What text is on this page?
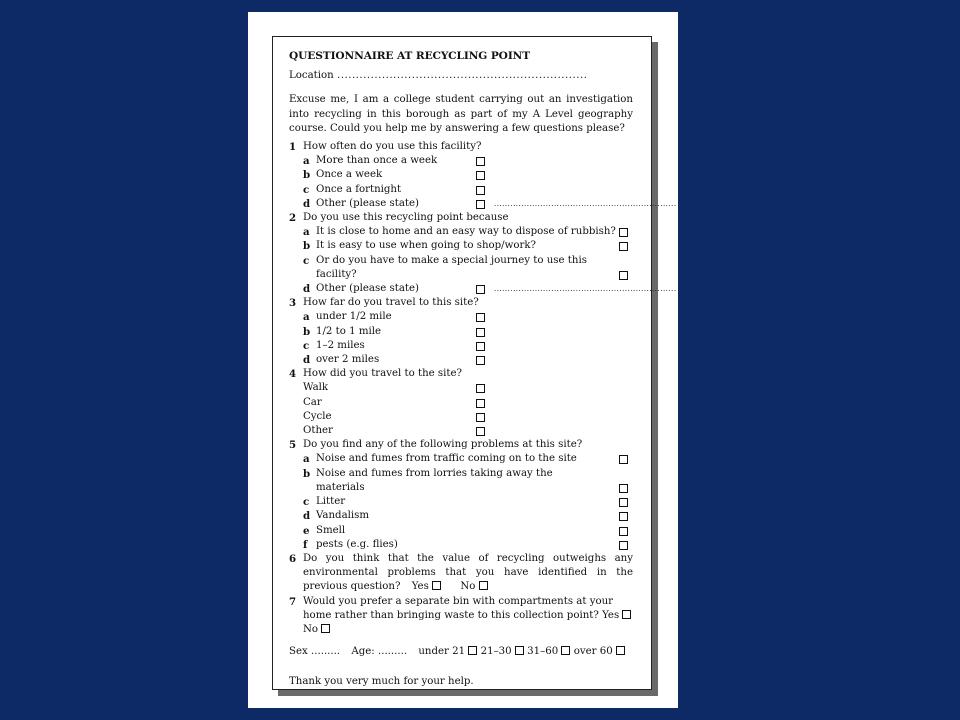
QUESTIONNAIRE AT RECYCLING POINT
Location ...................................................................
Excuse me, I am a college student carrying out an investigation into recycling in this borough as part of my A Level geography course. Could you help me by answering a few questions please?
1 How often do you use this facility?
a More than once a week
b Once a week
c Once a fortnight
d Other (please state)	...................................................................
2 Do you use this recycling point because
a It is close to home and an easy way to dispose of rubbish?
b It is easy to use when going to shop/work?
c Or do you have to make a special journey to use this facility?
d Other (please state)	...................................................................
3 How far do you travel to this site?
a under 1/2 mile
b 1/2 to 1 mile
c 1–2 miles
d over 2 miles
4 How did you travel to the site?
Walk
Car
Cycle
Other
5 Do you find any of the following problems at this site?
a Noise and fumes from traffic coming on to the site
b Noise and fumes from lorries taking away the materials
c Litter
d Vandalism
e Smell
f pests (e.g. flies)
6 Do you think that the value of recycling outweighs any environmental problems that you have identified in the previous question? Yes	No
7 Would you prefer a separate bin with compartments at your home rather than bringing waste to this collection point? Yes  No
Sex ......... Age: ......... under 21 21–30 31–60 over 60
Thank you very much for your help.
